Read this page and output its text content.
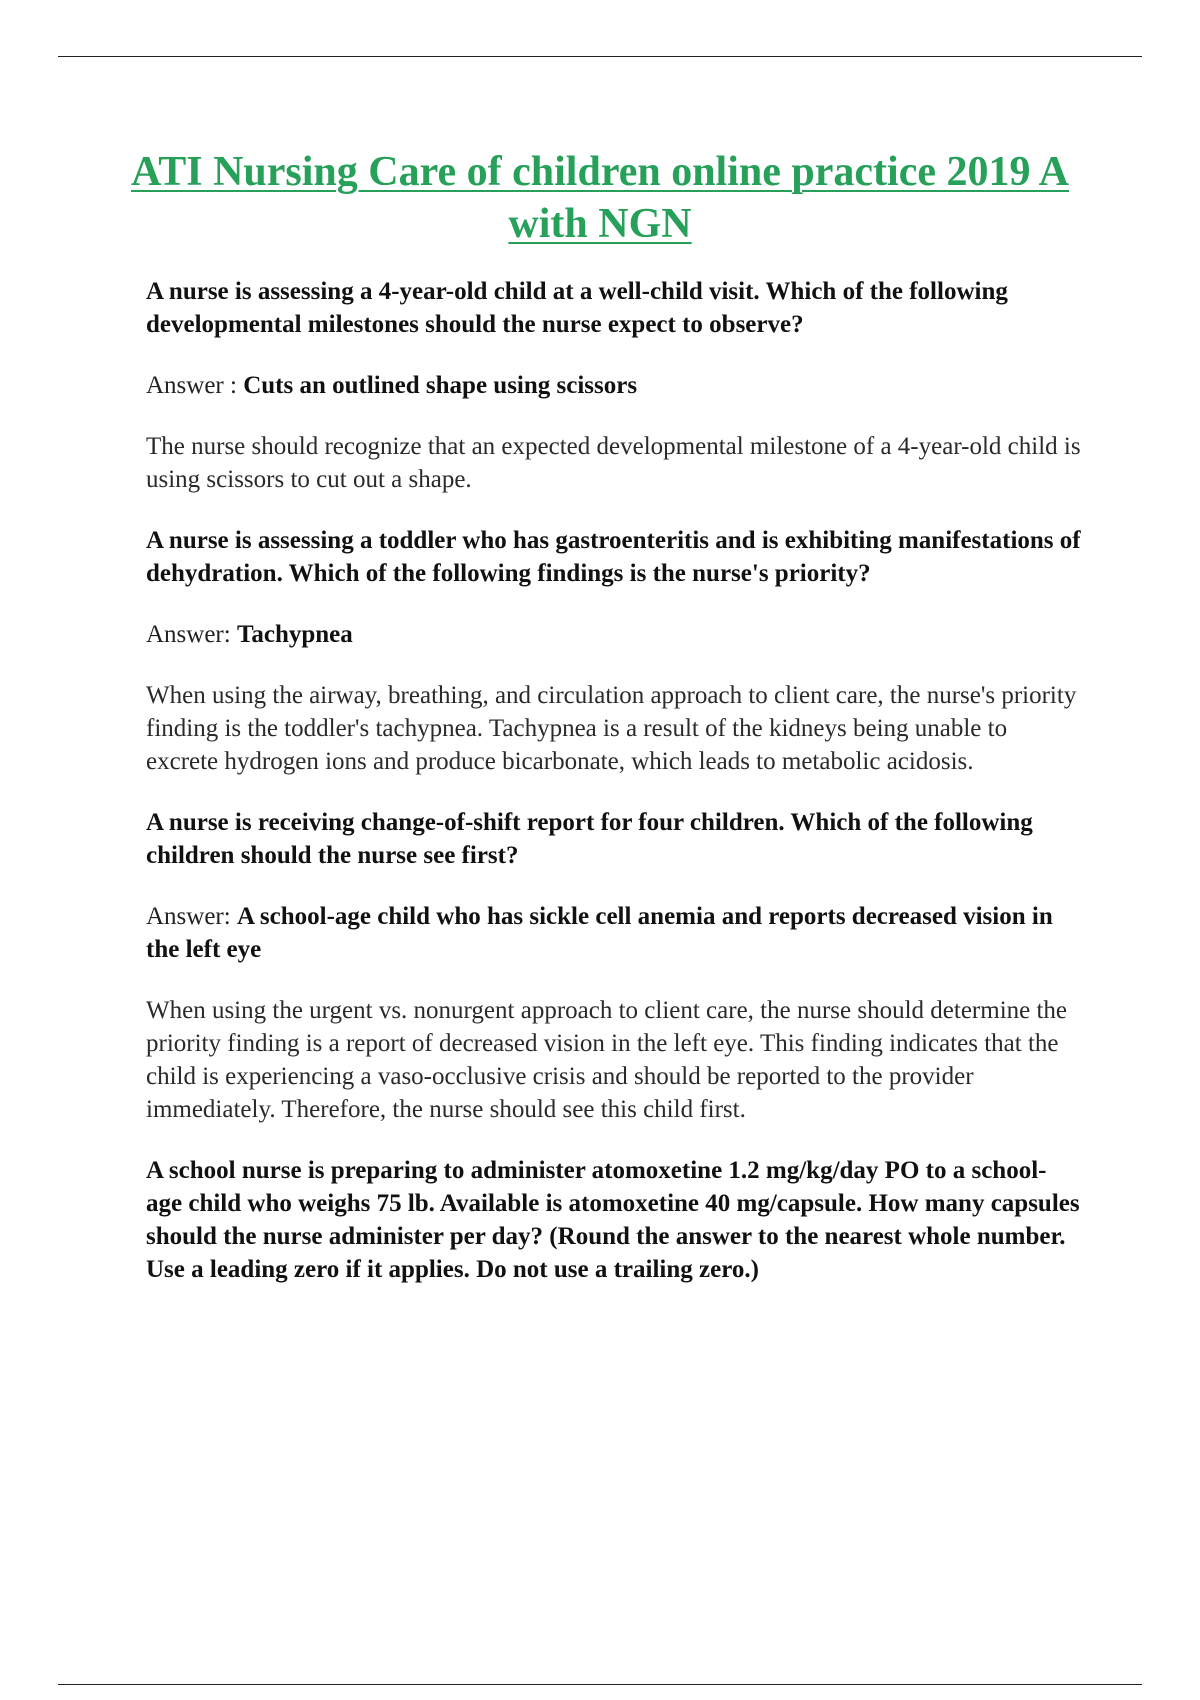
ATI Nursing Care of children online practice 2019 A with NGN

A nurse is assessing a 4-year-old child at a well-child visit. Which of the following developmental milestones should the nurse expect to observe?

Answer : Cuts an outlined shape using scissors

The nurse should recognize that an expected developmental milestone of a 4-year-old child is using scissors to cut out a shape.

A nurse is assessing a toddler who has gastroenteritis and is exhibiting manifestations of dehydration. Which of the following findings is the nurse's priority?

Answer: Tachypnea

When using the airway, breathing, and circulation approach to client care, the nurse's priority finding is the toddler's tachypnea. Tachypnea is a result of the kidneys being unable to excrete hydrogen ions and produce bicarbonate, which leads to metabolic acidosis.

A nurse is receiving change-of-shift report for four children. Which of the following children should the nurse see first?

Answer: A school-age child who has sickle cell anemia and reports decreased vision in the left eye

When using the urgent vs. nonurgent approach to client care, the nurse should determine the priority finding is a report of decreased vision in the left eye. This finding indicates that the child is experiencing a vaso-occlusive crisis and should be reported to the provider immediately. Therefore, the nurse should see this child first.

A school nurse is preparing to administer atomoxetine 1.2 mg/kg/day PO to a school-age child who weighs 75 lb. Available is atomoxetine 40 mg/capsule. How many capsules should the nurse administer per day? (Round the answer to the nearest whole number. Use a leading zero if it applies. Do not use a trailing zero.)
